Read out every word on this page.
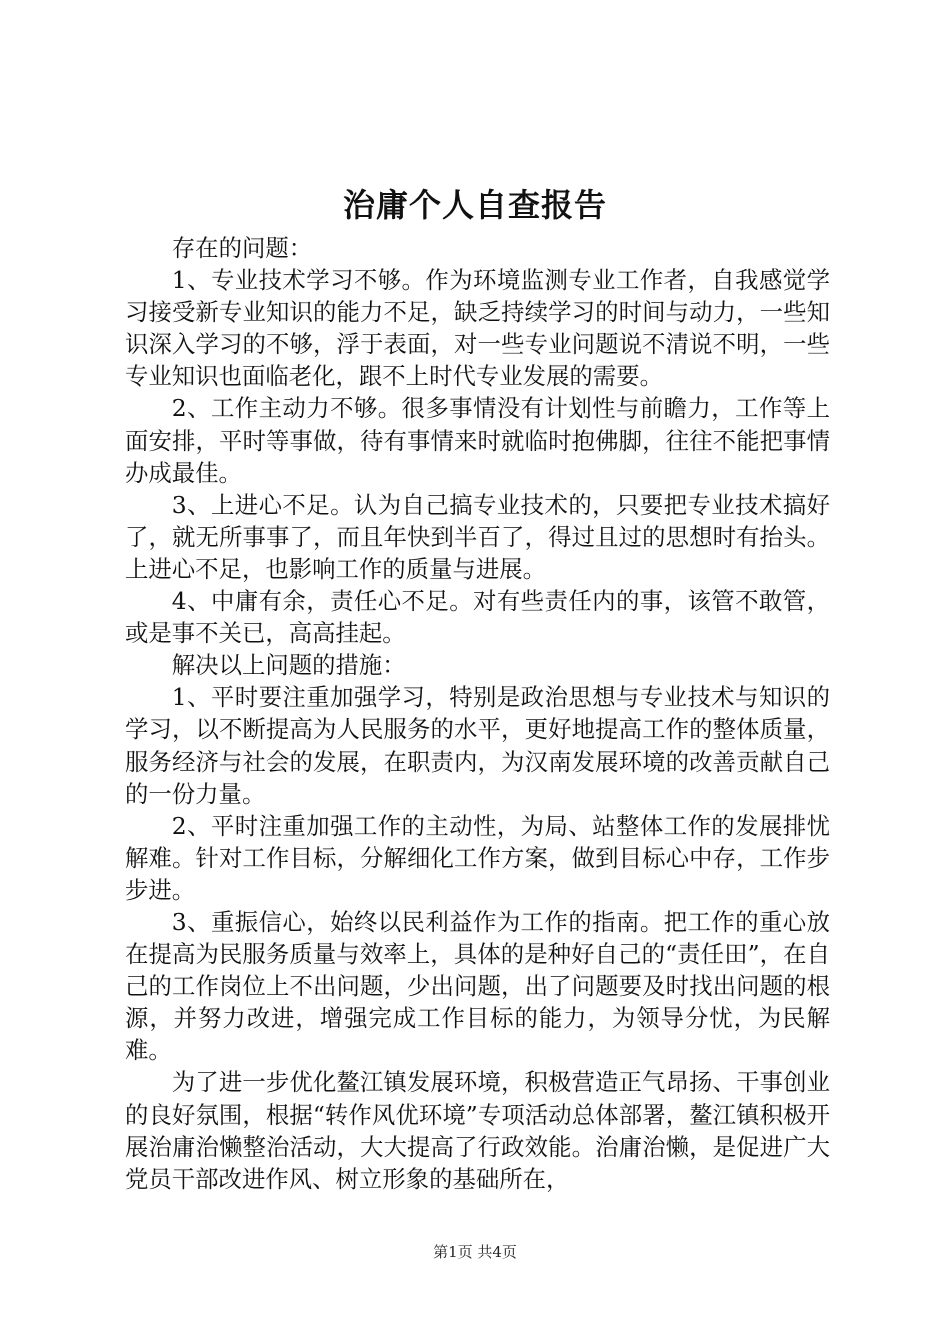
治庸个人自查报告

存在的问题：

1、专业技术学习不够。作为环境监测专业工作者，自我感觉学习接受新专业知识的能力不足，缺乏持续学习的时间与动力，一些知识深入学习的不够，浮于表面，对一些专业问题说不清说不明，一些专业知识也面临老化，跟不上时代专业发展的需要。

2、工作主动力不够。很多事情没有计划性与前瞻力，工作等上面安排，平时等事做，待有事情来时就临时抱佛脚，往往不能把事情办成最佳。

3、上进心不足。认为自己搞专业技术的，只要把专业技术搞好了，就无所事事了，而且年快到半百了，得过且过的思想时有抬头。上进心不足，也影响工作的质量与进展。

4、中庸有余，责任心不足。对有些责任内的事，该管不敢管，或是事不关已，高高挂起。

解决以上问题的措施：

1、平时要注重加强学习，特别是政治思想与专业技术与知识的学习，以不断提高为人民服务的水平，更好地提高工作的整体质量，服务经济与社会的发展，在职责内，为汉南发展环境的改善贡献自己的一份力量。

2、平时注重加强工作的主动性，为局、站整体工作的发展排忧解难。针对工作目标，分解细化工作方案，做到目标心中存，工作步步进。

3、重振信心，始终以民利益作为工作的指南。把工作的重心放在提高为民服务质量与效率上，具体的是种好自己的“责任田”，在自己的工作岗位上不出问题，少出问题，出了问题要及时找出问题的根源，并努力改进，增强完成工作目标的能力，为领导分忧，为民解难。

为了进一步优化鳌江镇发展环境，积极营造正气昂扬、干事创业的良好氛围，根据“转作风优环境”专项活动总体部署，鳌江镇积极开展治庸治懒整治活动，大大提高了行政效能。治庸治懒，是促进广大党员干部改进作风、树立形象的基础所在，

第1页 共4页
